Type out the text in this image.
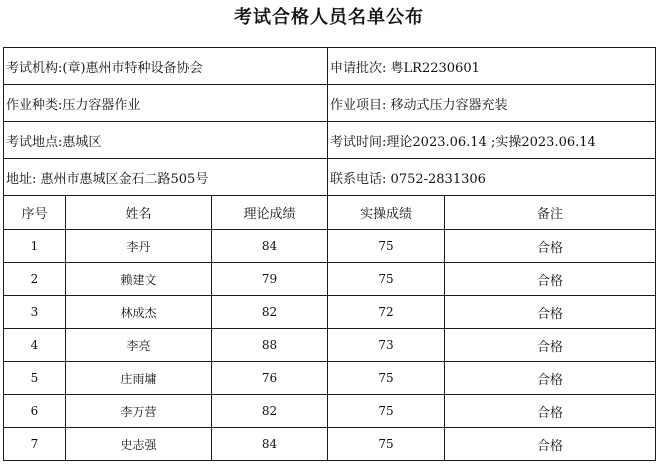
考试合格人员名单公布
考试机构:(章)惠州市特种设备协会			申请批次: 粤LR2230601	
作业种类:压力容器作业			作业项目: 移动式压力容器充装	
考试地点:惠城区			考试时间:理论2023.06.14 ;实操2023.06.14	
地址: 惠州市惠城区金石二路505号			联系电话: 0752-2831306	
序号	姓名	理论成绩	实操成绩	备注
1	李丹	84	75	合格
2	赖建文	79	75	合格
3	林成杰	82	72	合格
4	李亮	88	73	合格
5	庄雨墉	76	75	合格
6	李万营	82	75	合格
7	史志强	84	75	合格
